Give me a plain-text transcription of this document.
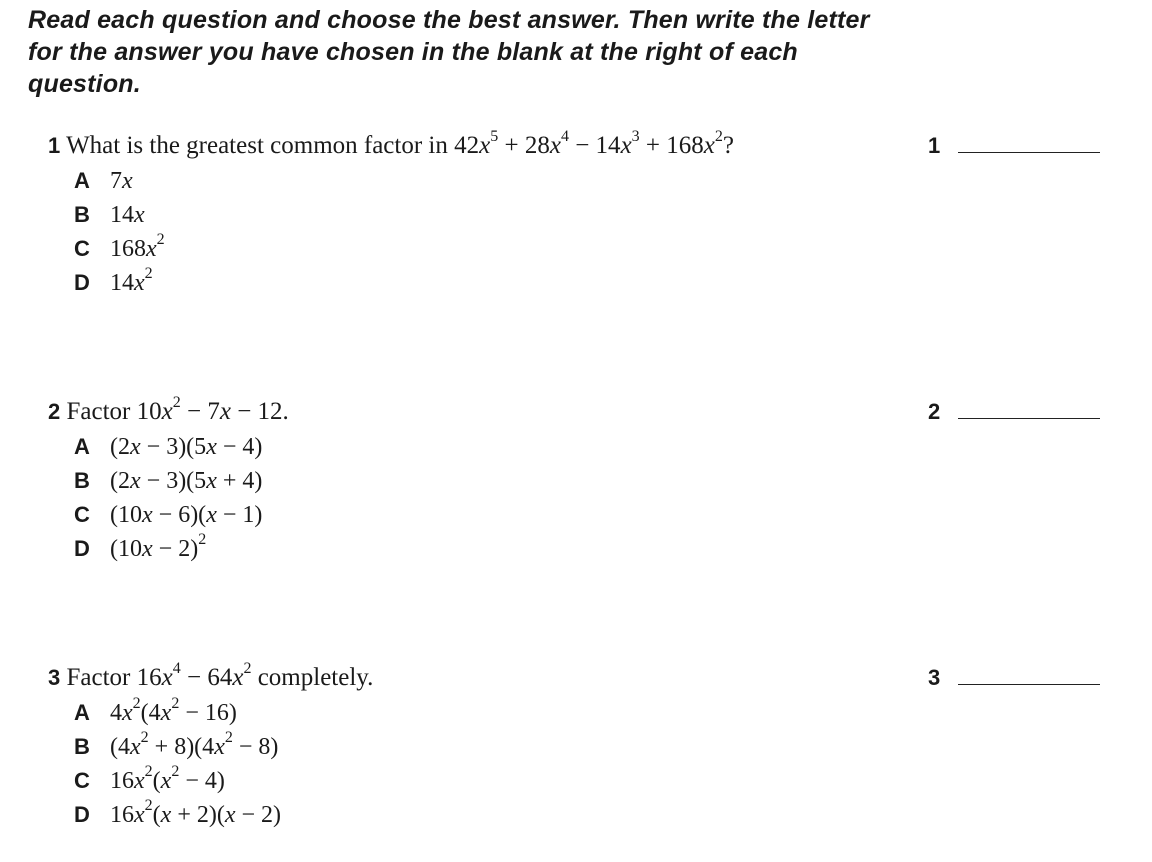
Read each question and choose the best answer. Then write the letter for the answer you have chosen in the blank at the right of each question.
1 What is the greatest common factor in $42x^5 + 28x^4 - 14x^3 + 168x^2$?	1
A 7x
B 14x
C $168x^2$
D $14x^2$
2 Factor $10x^2 - 7x - 12$.	2
A (2x − 3)(5x − 4)
B (2x − 3)(5x + 4)
C (10x − 6)(x − 1)
D $(10x - 2)^2$
3 Factor $16x^4 - 64x^2$ completely.	3
A $4x^2(4x^2 - 16)$
B $(4x^2 + 8)(4x^2 - 8)$
C $16x^2(x^2 - 4)$
D $16x^2(x + 2)(x - 2)$
